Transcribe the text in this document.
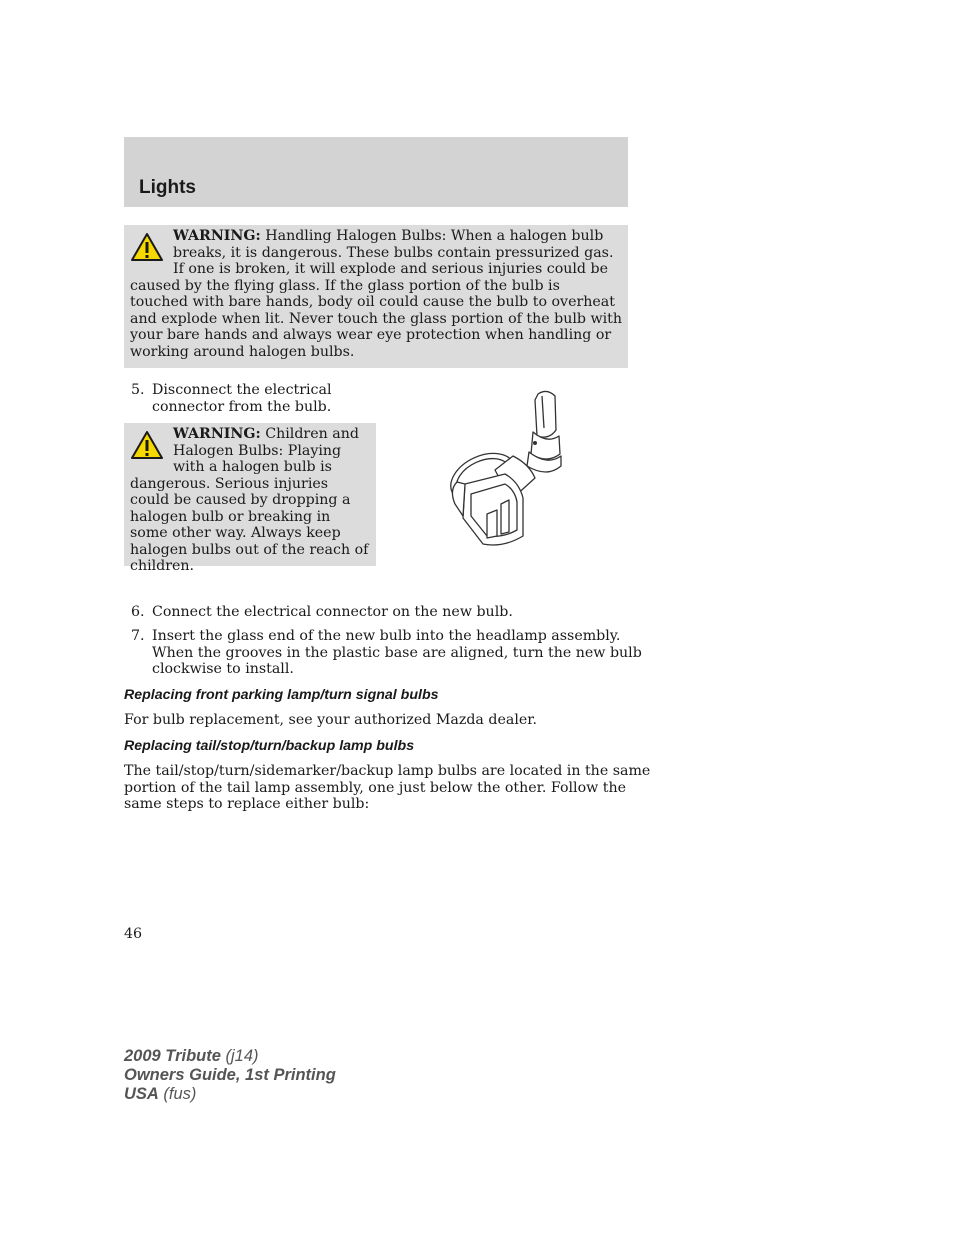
Lights

WARNING: Handling Halogen Bulbs: When a halogen bulb breaks, it is dangerous. These bulbs contain pressurized gas. If one is broken, it will explode and serious injuries could be caused by the flying glass. If the glass portion of the bulb is touched with bare hands, body oil could cause the bulb to overheat and explode when lit. Never touch the glass portion of the bulb with your bare hands and always wear eye protection when handling or working around halogen bulbs.

5. Disconnect the electrical
connector from the bulb.

WARNING: Children and Halogen Bulbs: Playing with a halogen bulb is dangerous. Serious injuries could be caused by dropping a halogen bulb or breaking in some other way. Always keep halogen bulbs out of the reach of children.

6. Connect the electrical connector on the new bulb.
7. Insert the glass end of the new bulb into the headlamp assembly.
When the grooves in the plastic base are aligned, turn the new bulb
clockwise to install.
Replacing front parking lamp/turn signal bulbs
For bulb replacement, see your authorized Mazda dealer.
Replacing tail/stop/turn/backup lamp bulbs
The tail/stop/turn/sidemarker/backup lamp bulbs are located in the same
portion of the tail lamp assembly, one just below the other. Follow the
same steps to replace either bulb:
46
2009 Tribute (j14)
Owners Guide, 1st Printing
USA (fus)
